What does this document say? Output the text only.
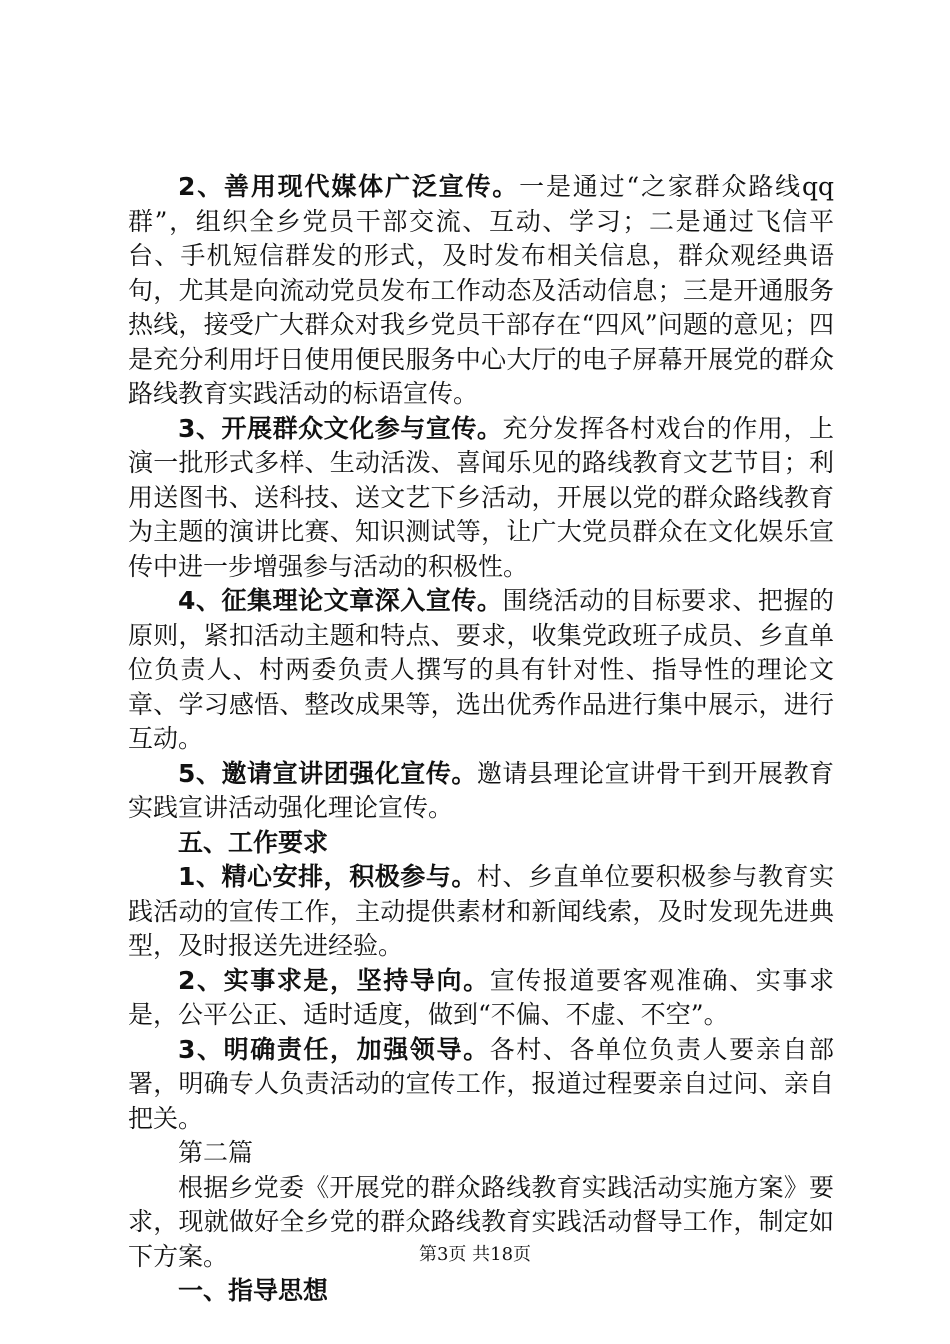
2、善用现代媒体广泛宣传。一是通过“之家群众路线qq群”，组织全乡党员干部交流、互动、学习；二是通过飞信平台、手机短信群发的形式，及时发布相关信息，群众观经典语句，尤其是向流动党员发布工作动态及活动信息；三是开通服务热线，接受广大群众对我乡党员干部存在“四风”问题的意见；四是充分利用圩日使用便民服务中心大厅的电子屏幕开展党的群众路线教育实践活动的标语宣传。

3、开展群众文化参与宣传。充分发挥各村戏台的作用，上演一批形式多样、生动活泼、喜闻乐见的路线教育文艺节目；利用送图书、送科技、送文艺下乡活动，开展以党的群众路线教育为主题的演讲比赛、知识测试等，让广大党员群众在文化娱乐宣传中进一步增强参与活动的积极性。

4、征集理论文章深入宣传。围绕活动的目标要求、把握的原则，紧扣活动主题和特点、要求，收集党政班子成员、乡直单位负责人、村两委负责人撰写的具有针对性、指导性的理论文章、学习感悟、整改成果等，选出优秀作品进行集中展示，进行互动。

5、邀请宣讲团强化宣传。邀请县理论宣讲骨干到开展教育实践宣讲活动强化理论宣传。

五、工作要求

1、精心安排，积极参与。村、乡直单位要积极参与教育实践活动的宣传工作，主动提供素材和新闻线索，及时发现先进典型，及时报送先进经验。

2、实事求是，坚持导向。宣传报道要客观准确、实事求是，公平公正、适时适度，做到“不偏、不虚、不空”。

3、明确责任，加强领导。各村、各单位负责人要亲自部署，明确专人负责活动的宣传工作，报道过程要亲自过问、亲自把关。

第二篇

根据乡党委《开展党的群众路线教育实践活动实施方案》要求，现就做好全乡党的群众路线教育实践活动督导工作，制定如下方案。

一、指导思想

第3页 共18页
